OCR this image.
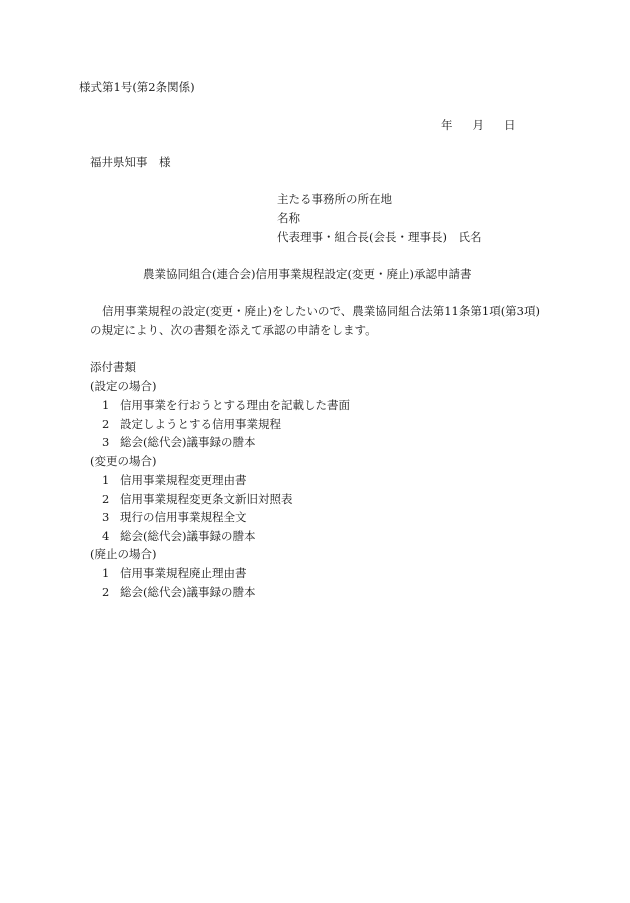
様式第1号(第2条関係)
年 月 日
福井県知事　様
主たる事務所の所在地
名称
代表理事・組合長(会長・理事長)　氏名
農業協同組合(連合会)信用事業規程設定(変更・廃止)承認申請書
信用事業規程の設定(変更・廃止)をしたいので、農業協同組合法第11条第1項(第3項)
の規定により、次の書類を添えて承認の申請をします。
添付書類
(設定の場合)
1 信用事業を行おうとする理由を記載した書面
2 設定しようとする信用事業規程
3 総会(総代会)議事録の謄本
(変更の場合)
1 信用事業規程変更理由書
2 信用事業規程変更条文新旧対照表
3 現行の信用事業規程全文
4 総会(総代会)議事録の謄本
(廃止の場合)
1 信用事業規程廃止理由書
2 総会(総代会)議事録の謄本
